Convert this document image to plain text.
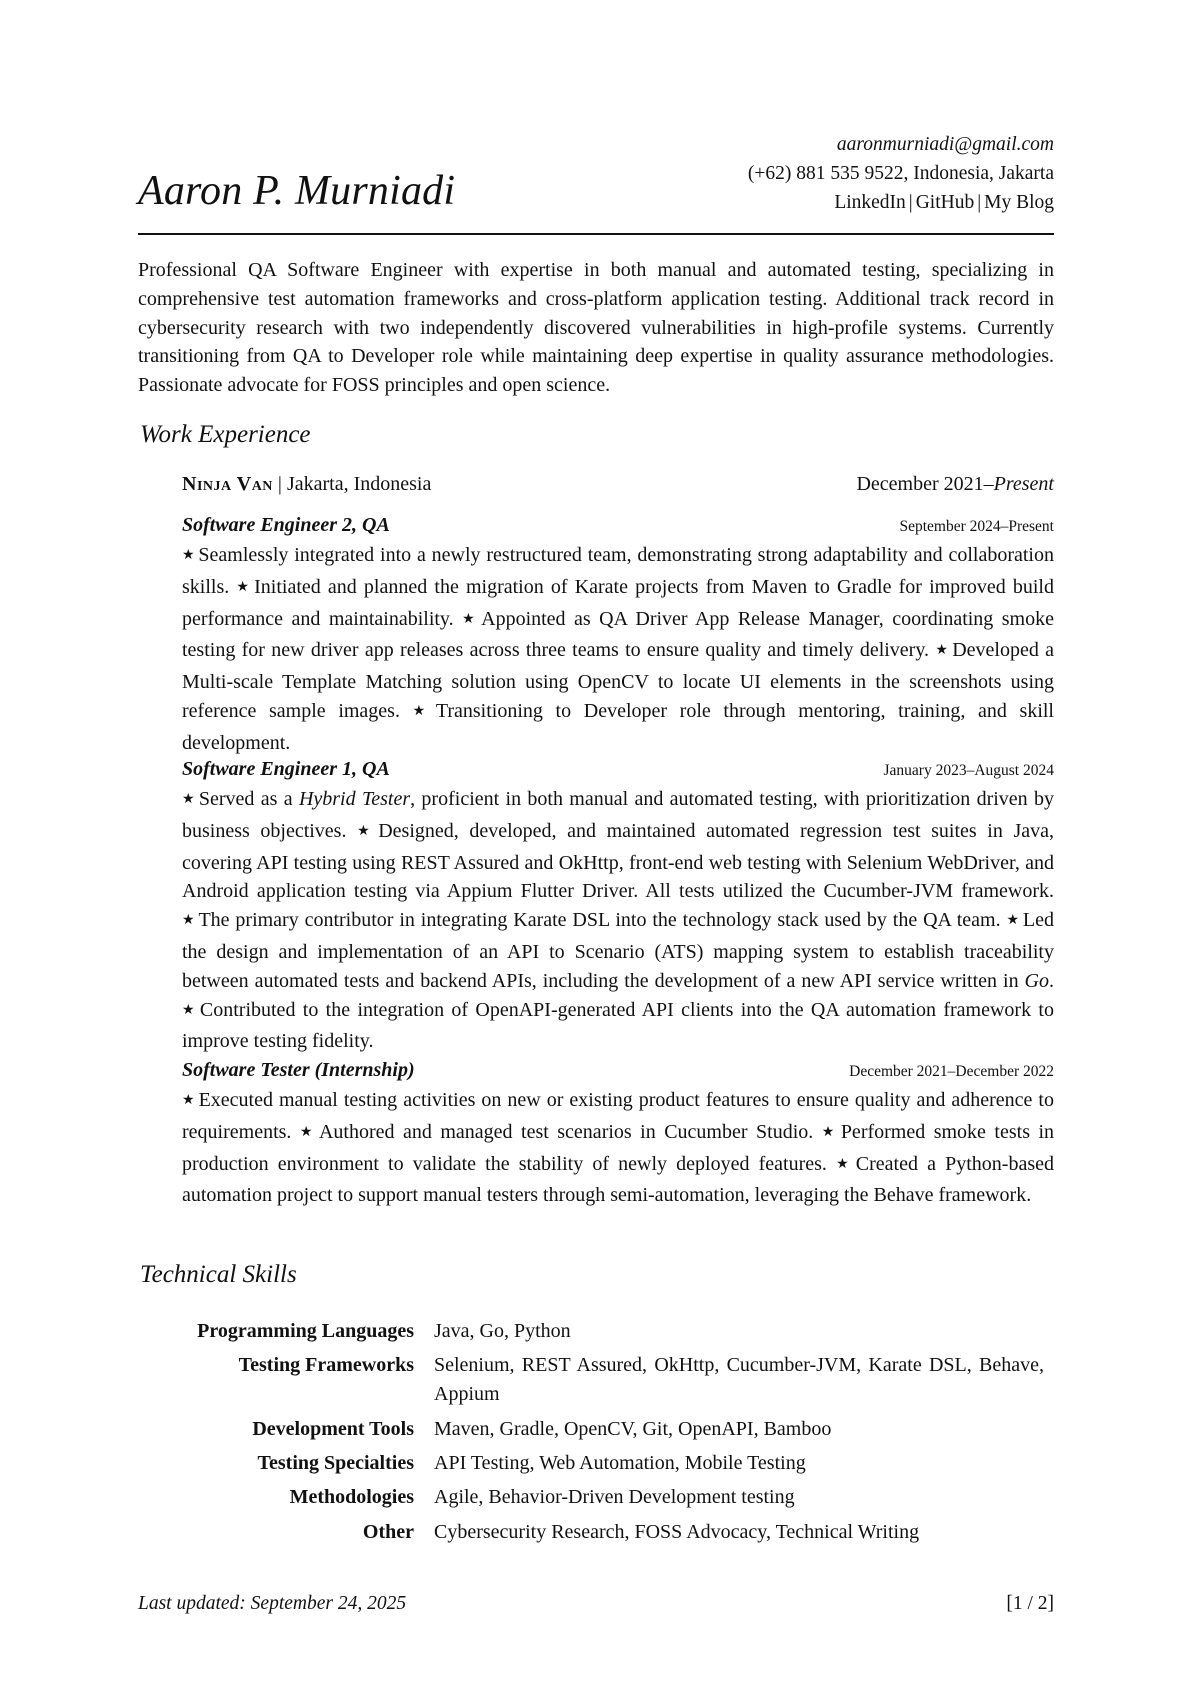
Aaron P. Murniadi
aaronmurniadi@gmail.com
(+62) 881 535 9522, Indonesia, Jakarta
LinkedIn | GitHub | My Blog

Professional QA Software Engineer with expertise in both manual and automated testing, specializing in comprehensive test automation frameworks and cross-platform application testing. Additional track record in cybersecurity research with two independently discovered vulnerabilities in high-profile systems. Currently transitioning from QA to Developer role while maintaining deep expertise in quality assurance methodologies. Passionate advocate for FOSS principles and open science.

Work Experience
Ninja Van | Jakarta, Indonesia	December 2021–Present
Software Engineer 2, QA	September 2024–Present

★ Seamlessly integrated into a newly restructured team, demonstrating strong adaptability and collaboration skills. ★ Initiated and planned the migration of Karate projects from Maven to Gradle for improved build performance and maintainability. ★ Appointed as QA Driver App Release Manager, coordinating smoke testing for new driver app releases across three teams to ensure quality and timely delivery. ★ Developed a Multi-scale Template Matching solution using OpenCV to locate UI elements in the screenshots using reference sample images. ★ Transitioning to Developer role through mentoring, training, and skill development.

Software Engineer 1, QA	January 2023–August 2024

★ Served as a Hybrid Tester, proficient in both manual and automated testing, with prioritization driven by business objectives. ★ Designed, developed, and maintained automated regression test suites in Java, covering API testing using REST Assured and OkHttp, front-end web testing with Selenium WebDriver, and Android application testing via Appium Flutter Driver. All tests utilized the Cucumber-JVM framework. ★ The primary contributor in integrating Karate DSL into the technology stack used by the QA team. ★ Led the design and implementation of an API to Scenario (ATS) mapping system to establish traceability between automated tests and backend APIs, including the development of a new API service written in Go. ★ Contributed to the integration of OpenAPI-generated API clients into the QA automation framework to improve testing fidelity.

Software Tester (Internship)	December 2021–December 2022

★ Executed manual testing activities on new or existing product features to ensure quality and adherence to requirements. ★ Authored and managed test scenarios in Cucumber Studio. ★ Performed smoke tests in production environment to validate the stability of newly deployed features. ★ Created a Python-based automation project to support manual testers through semi-automation, leveraging the Behave framework.

Technical Skills
Programming Languages	Java, Go, Python
Testing Frameworks	Selenium, REST Assured, OkHttp, Cucumber-JVM, Karate DSL, Behave, Appium
Development Tools	Maven, Gradle, OpenCV, Git, OpenAPI, Bamboo
Testing Specialties	API Testing, Web Automation, Mobile Testing
Methodologies	Agile, Behavior-Driven Development testing
Other	Cybersecurity Research, FOSS Advocacy, Technical Writing
Last updated: September 24, 2025	[1 / 2]
